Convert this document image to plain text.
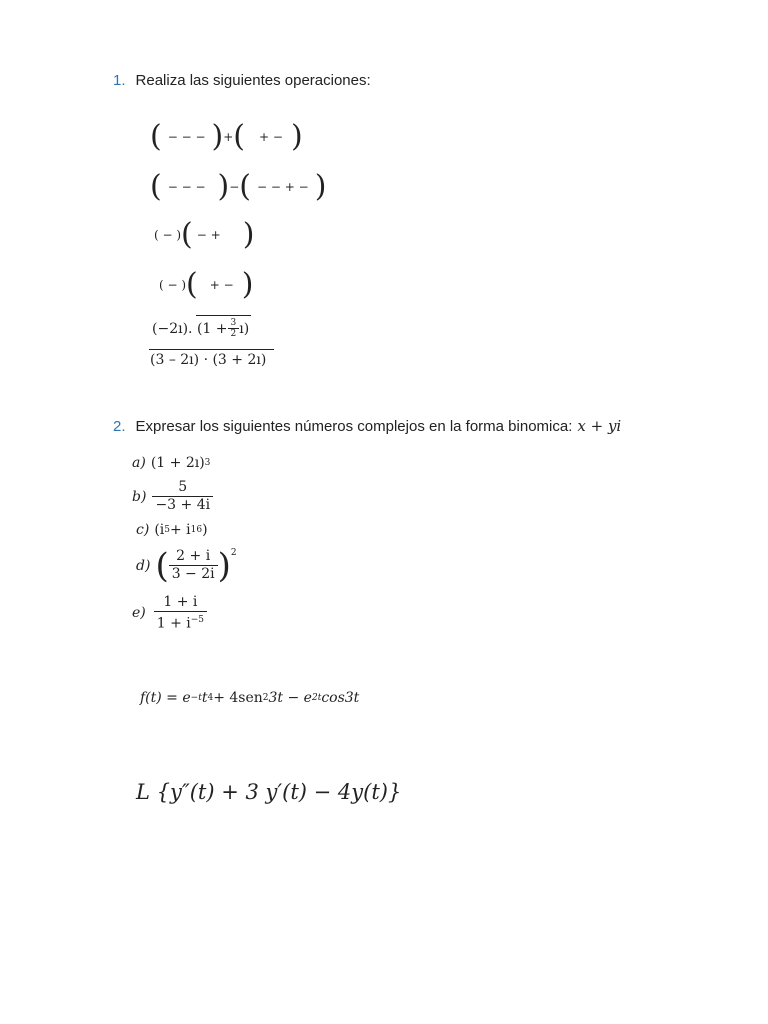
1. Realiza las siguientes operaciones:
( − − − ) + ( + − )
( − − − ) − ( − − + − )
( − ) ( − + )
( − ) ( + − )
(−2ı). ($1 + \frac{3}{2}$ ı)
(3 – 2ı) · (3 + 2ı)
2. Expresar los siguientes números complejos en la forma binomica: x + yi
a) (1 + 2ı) 3
$b) \frac{5}{-3 + 4i}$
c) (i 5 + i 16 )
d) ( $\frac{2 + i}{3 - 2i} )^2$
$e) \frac{1 + i}{1 + i^{-5}}$
f(t) = e −t t 4 + 4sen 2 3t − e 2t cos3t
L {y″(t) + 3 y′(t) − 4y(t)}
